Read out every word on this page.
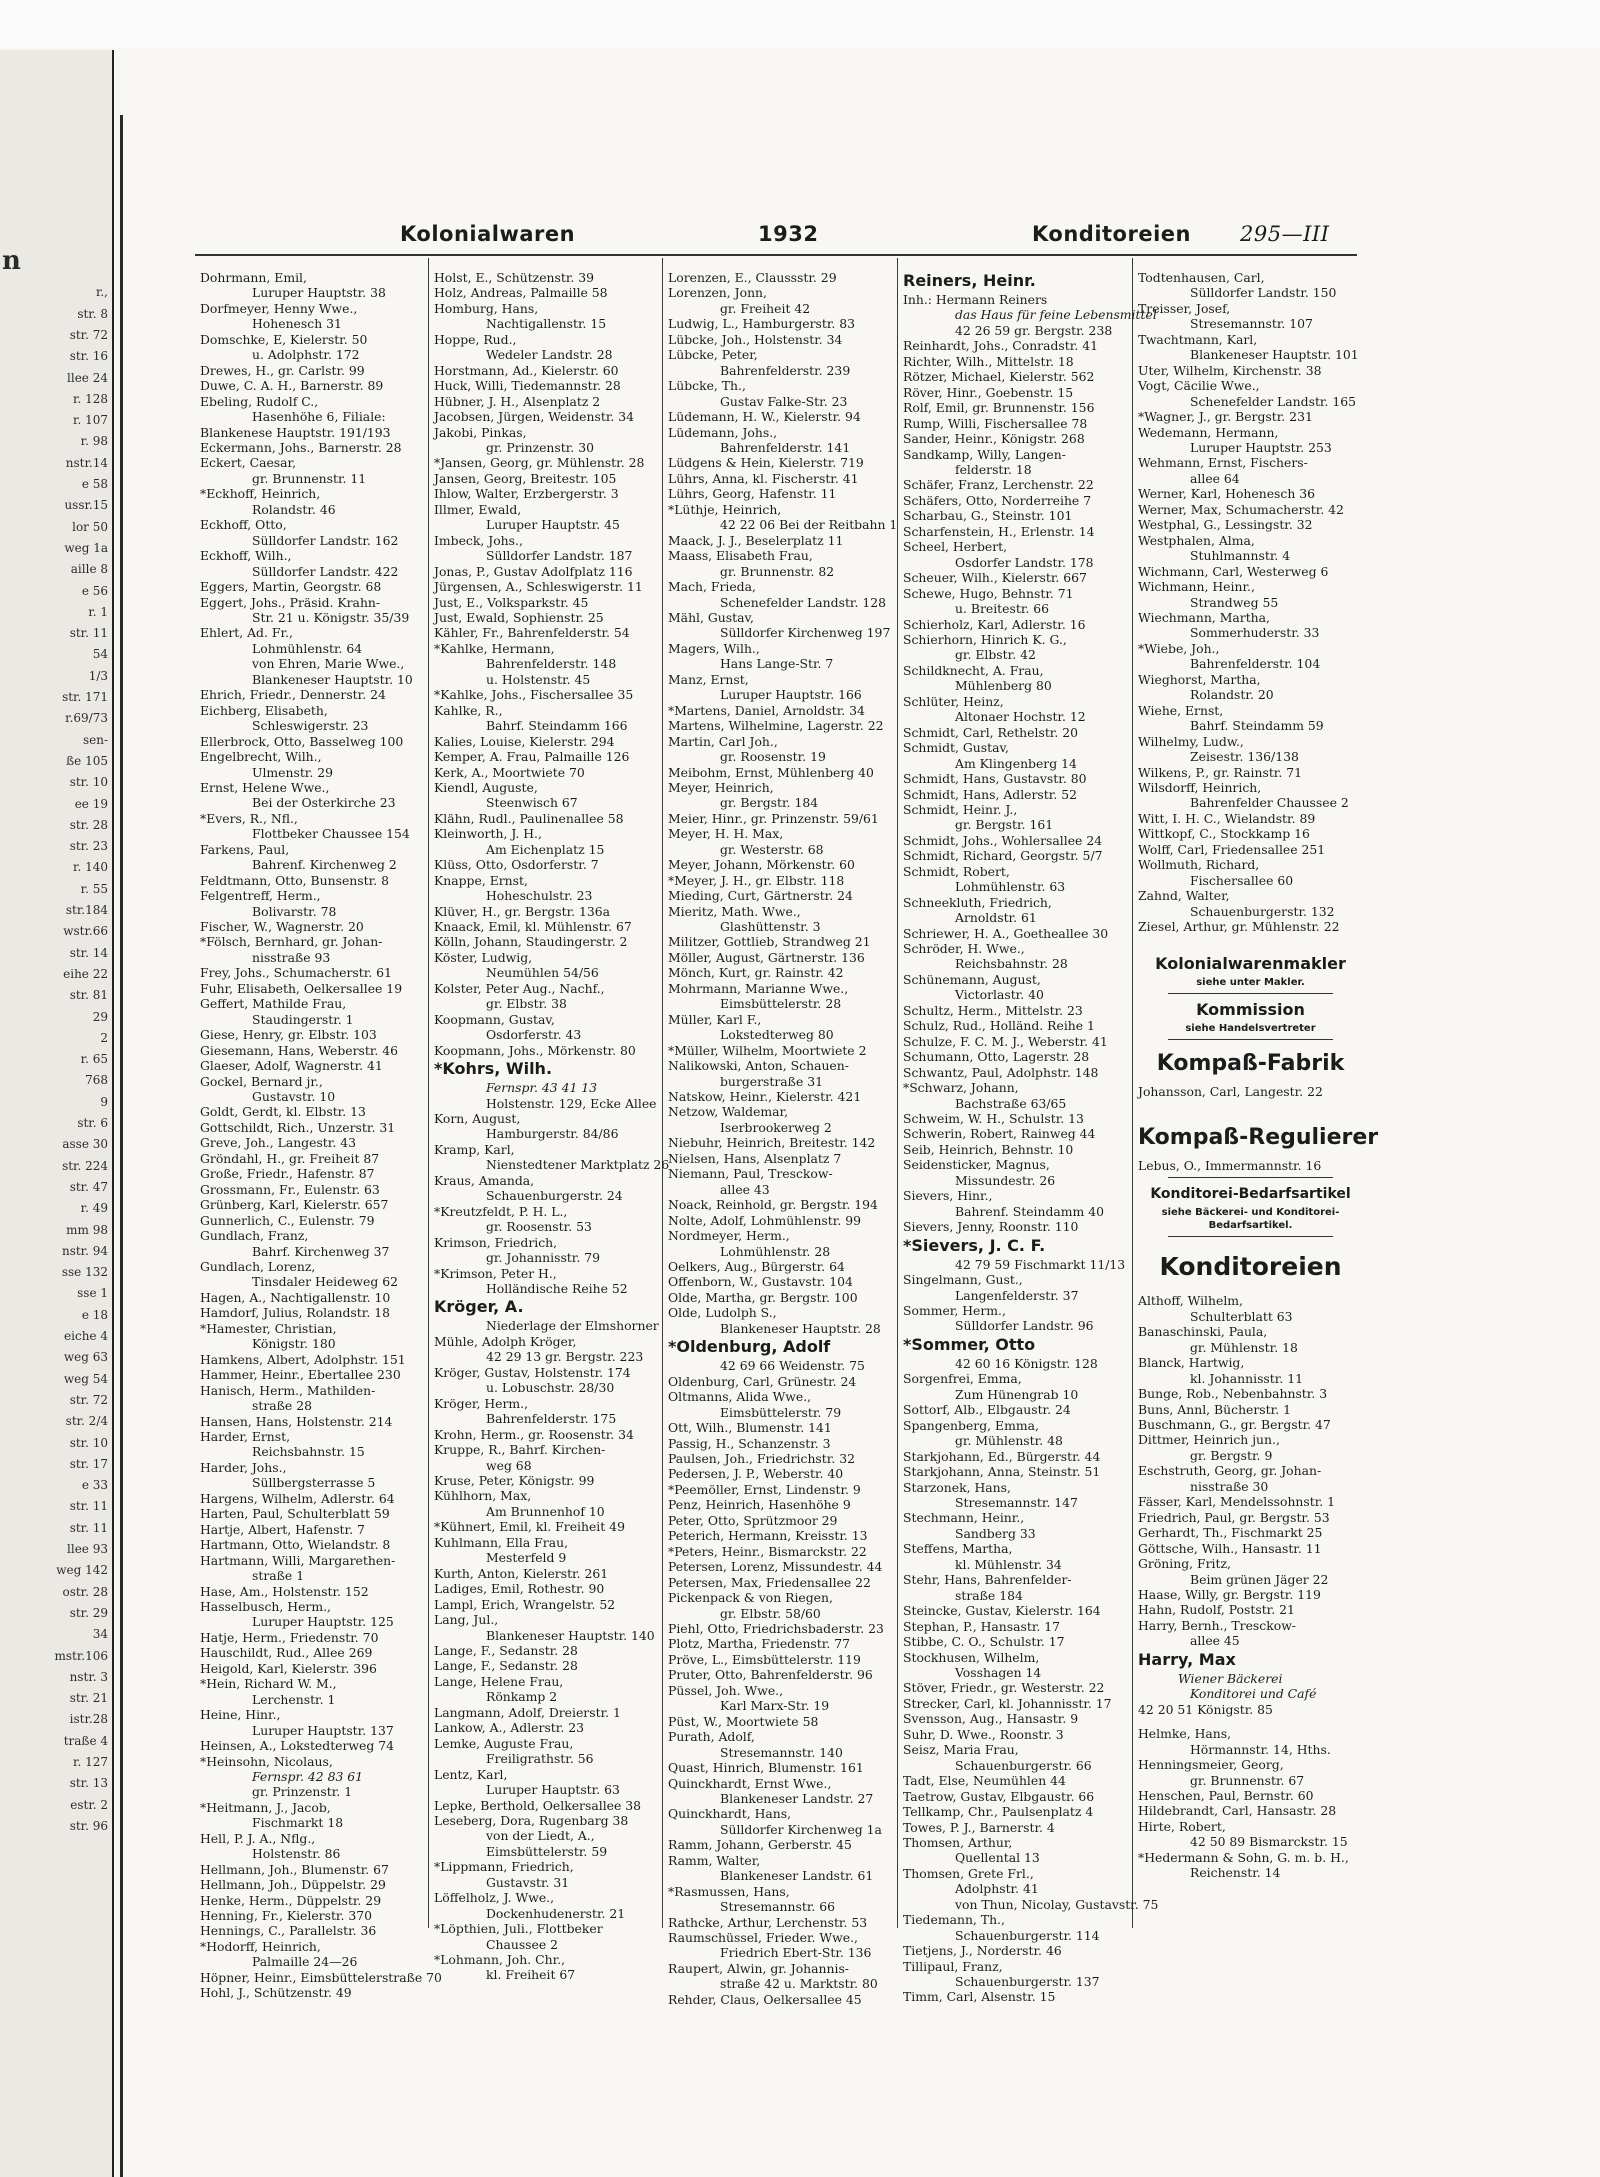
n
r.,
str. 8
str. 72
str. 16
llee 24
r. 128
r. 107
r. 98
nstr.14
e 58
ussr.15
lor 50
weg 1a
aille 8
e 56
r. 1
str. 11
54
1/3
str. 171
r.69/73
sen-
ße 105
str. 10
ee 19
str. 28
str. 23
r. 140
r. 55
str.184
wstr.66
str. 14
eihe 22
str. 81
29
2
r. 65
768
9
str. 6
asse 30
str. 224
str. 47
r. 49
mm 98
nstr. 94
sse 132
sse 1
e 18
eiche 4
weg 63
weg 54
str. 72
str. 2/4
str. 10
str. 17
e 33
str. 11
str. 11
llee 93
weg 142
ostr. 28
str. 29
34
mstr.106
nstr. 3
str. 21
istr.28
traße 4
r. 127
str. 13
estr. 2
str. 96
Kolonialwaren	1932	Konditoreien 295—III
Dohrmann, Emil,
Luruper Hauptstr. 38
Dorfmeyer, Henny Wwe.,
Hohenesch 31
Domschke, E, Kielerstr. 50
u. Adolphstr. 172
Drewes, H., gr. Carlstr. 99
Duwe, C. A. H., Barnerstr. 89
Ebeling, Rudolf C.,
Hasenhöhe 6, Filiale:
Blankenese Hauptstr. 191/193
Eckermann, Johs., Barnerstr. 28
Eckert, Caesar,
gr. Brunnenstr. 11
*Eckhoff, Heinrich,
Rolandstr. 46
Eckhoff, Otto,
Sülldorfer Landstr. 162
Eckhoff, Wilh.,
Sülldorfer Landstr. 422
Eggers, Martin, Georgstr. 68
Eggert, Johs., Präsid. Krahn-
Str. 21 u. Königstr. 35/39
Ehlert, Ad. Fr.,
Lohmühlenstr. 64
von Ehren, Marie Wwe.,
Blankeneser Hauptstr. 10
Ehrich, Friedr., Dennerstr. 24
Eichberg, Elisabeth,
Schleswigerstr. 23
Ellerbrock, Otto, Basselweg 100
Engelbrecht, Wilh.,
Ulmenstr. 29
Ernst, Helene Wwe.,
Bei der Osterkirche 23
*Evers, R., Nfl.,
Flottbeker Chaussee 154
Farkens, Paul,
Bahrenf. Kirchenweg 2
Feldtmann, Otto, Bunsenstr. 8
Felgentreff, Herm.,
Bolivarstr. 78
Fischer, W., Wagnerstr. 20
*Fölsch, Bernhard, gr. Johan-
nisstraße 93
Frey, Johs., Schumacherstr. 61
Fuhr, Elisabeth, Oelkersallee 19
Geffert, Mathilde Frau,
Staudingerstr. 1
Giese, Henry, gr. Elbstr. 103
Giesemann, Hans, Weberstr. 46
Glaeser, Adolf, Wagnerstr. 41
Gockel, Bernard jr.,
Gustavstr. 10
Goldt, Gerdt, kl. Elbstr. 13
Gottschildt, Rich., Unzerstr. 31
Greve, Joh., Langestr. 43
Gröndahl, H., gr. Freiheit 87
Große, Friedr., Hafenstr. 87
Grossmann, Fr., Eulenstr. 63
Grünberg, Karl, Kielerstr. 657
Gunnerlich, C., Eulenstr. 79
Gundlach, Franz,
Bahrf. Kirchenweg 37
Gundlach, Lorenz,
Tinsdaler Heideweg 62
Hagen, A., Nachtigallenstr. 10
Hamdorf, Julius, Rolandstr. 18
*Hamester, Christian,
Königstr. 180
Hamkens, Albert, Adolphstr. 151
Hammer, Heinr., Ebertallee 230
Hanisch, Herm., Mathilden-
straße 28
Hansen, Hans, Holstenstr. 214
Harder, Ernst,
Reichsbahnstr. 15
Harder, Johs.,
Süllbergsterrasse 5
Hargens, Wilhelm, Adlerstr. 64
Harten, Paul, Schulterblatt 59
Hartje, Albert, Hafenstr. 7
Hartmann, Otto, Wielandstr. 8
Hartmann, Willi, Margarethen-
straße 1
Hase, Am., Holstenstr. 152
Hasselbusch, Herm.,
Luruper Hauptstr. 125
Hatje, Herm., Friedenstr. 70
Hauschildt, Rud., Allee 269
Heigold, Karl, Kielerstr. 396
*Hein, Richard W. M.,
Lerchenstr. 1
Heine, Hinr.,
Luruper Hauptstr. 137
Heinsen, A., Lokstedterweg 74
*Heinsohn, Nicolaus,
Fernspr. 42 83 61
gr. Prinzenstr. 1
*Heitmann, J., Jacob,
Fischmarkt 18
Hell, P. J. A., Nflg.,
Holstenstr. 86
Hellmann, Joh., Blumenstr. 67
Hellmann, Joh., Düppelstr. 29
Henke, Herm., Düppelstr. 29
Henning, Fr., Kielerstr. 370
Hennings, C., Parallelstr. 36
*Hodorff, Heinrich,
Palmaille 24—26
Höpner, Heinr., Eimsbüttelerstraße 70
Hohl, J., Schützenstr. 49
Holst, E., Schützenstr. 39
Holz, Andreas, Palmaille 58
Homburg, Hans,
Nachtigallenstr. 15
Hoppe, Rud.,
Wedeler Landstr. 28
Horstmann, Ad., Kielerstr. 60
Huck, Willi, Tiedemannstr. 28
Hübner, J. H., Alsenplatz 2
Jacobsen, Jürgen, Weidenstr. 34
Jakobi, Pinkas,
gr. Prinzenstr. 30
*Jansen, Georg, gr. Mühlenstr. 28
Jansen, Georg, Breitestr. 105
Ihlow, Walter, Erzbergerstr. 3
Illmer, Ewald,
Luruper Hauptstr. 45
Imbeck, Johs.,
Sülldorfer Landstr. 187
Jonas, P., Gustav Adolfplatz 116
Jürgensen, A., Schleswigerstr. 11
Just, E., Volksparkstr. 45
Just, Ewald, Sophienstr. 25
Kähler, Fr., Bahrenfelderstr. 54
*Kahlke, Hermann,
Bahrenfelderstr. 148
u. Holstenstr. 45
*Kahlke, Johs., Fischersallee 35
Kahlke, R.,
Bahrf. Steindamm 166
Kalies, Louise, Kielerstr. 294
Kemper, A. Frau, Palmaille 126
Kerk, A., Moortwiete 70
Kiendl, Auguste,
Steenwisch 67
Klähn, Rudl., Paulinenallee 58
Kleinworth, J. H.,
Am Eichenplatz 15
Klüss, Otto, Osdorferstr. 7
Knappe, Ernst,
Hoheschulstr. 23
Klüver, H., gr. Bergstr. 136a
Knaack, Emil, kl. Mühlenstr. 67
Kölln, Johann, Staudingerstr. 2
Köster, Ludwig,
Neumühlen 54/56
Kolster, Peter Aug., Nachf.,
gr. Elbstr. 38
Koopmann, Gustav,
Osdorferstr. 43
Koopmann, Johs., Mörkenstr. 80
*Kohrs, Wilh.
Fernspr. 43 41 13
Holstenstr. 129, Ecke Allee
Korn, August,
Hamburgerstr. 84/86
Kramp, Karl,
Nienstedtener Marktplatz 26
Kraus, Amanda,
Schauenburgerstr. 24
*Kreutzfeldt, P. H. L.,
gr. Roosenstr. 53
Krimson, Friedrich,
gr. Johannisstr. 79
*Krimson, Peter H.,
Holländische Reihe 52
Kröger, A.
Niederlage der Elmshorner
Mühle, Adolph Kröger,
42 29 13 gr. Bergstr. 223
Kröger, Gustav, Holstenstr. 174
u. Lobuschstr. 28/30
Kröger, Herm.,
Bahrenfelderstr. 175
Krohn, Herm., gr. Roosenstr. 34
Kruppe, R., Bahrf. Kirchen-
weg 68
Kruse, Peter, Königstr. 99
Kühlhorn, Max,
Am Brunnenhof 10
*Kühnert, Emil, kl. Freiheit 49
Kuhlmann, Ella Frau,
Mesterfeld 9
Kurth, Anton, Kielerstr. 261
Ladiges, Emil, Rothestr. 90
Lampl, Erich, Wrangelstr. 52
Lang, Jul.,
Blankeneser Hauptstr. 140
Lange, F., Sedanstr. 28
Lange, F., Sedanstr. 28
Lange, Helene Frau,
Rönkamp 2
Langmann, Adolf, Dreierstr. 1
Lankow, A., Adlerstr. 23
Lemke, Auguste Frau,
Freiligrathstr. 56
Lentz, Karl,
Luruper Hauptstr. 63
Lepke, Berthold, Oelkersallee 38
Leseberg, Dora, Rugenbarg 38
von der Liedt, A.,
Eimsbüttelerstr. 59
*Lippmann, Friedrich,
Gustavstr. 31
Löffelholz, J. Wwe.,
Dockenhudenerstr. 21
*Löpthien, Juli., Flottbeker
Chaussee 2
*Lohmann, Joh. Chr.,
kl. Freiheit 67
Lorenzen, E., Claussstr. 29
Lorenzen, Jonn,
gr. Freiheit 42
Ludwig, L., Hamburgerstr. 83
Lübcke, Joh., Holstenstr. 34
Lübcke, Peter,
Bahrenfelderstr. 239
Lübcke, Th.,
Gustav Falke-Str. 23
Lüdemann, H. W., Kielerstr. 94
Lüdemann, Johs.,
Bahrenfelderstr. 141
Lüdgens & Hein, Kielerstr. 719
Lührs, Anna, kl. Fischerstr. 41
Lührs, Georg, Hafenstr. 11
*Lüthje, Heinrich,
42 22 06 Bei der Reitbahn 1
Maack, J. J., Beselerplatz 11
Maass, Elisabeth Frau,
gr. Brunnenstr. 82
Mach, Frieda,
Schenefelder Landstr. 128
Mähl, Gustav,
Sülldorfer Kirchenweg 197
Magers, Wilh.,
Hans Lange-Str. 7
Manz, Ernst,
Luruper Hauptstr. 166
*Martens, Daniel, Arnoldstr. 34
Martens, Wilhelmine, Lagerstr. 22
Martin, Carl Joh.,
gr. Roosenstr. 19
Meibohm, Ernst, Mühlenberg 40
Meyer, Heinrich,
gr. Bergstr. 184
Meier, Hinr., gr. Prinzenstr. 59/61
Meyer, H. H. Max,
gr. Westerstr. 68
Meyer, Johann, Mörkenstr. 60
*Meyer, J. H., gr. Elbstr. 118
Mieding, Curt, Gärtnerstr. 24
Mieritz, Math. Wwe.,
Glashüttenstr. 3
Militzer, Gottlieb, Strandweg 21
Möller, August, Gärtnerstr. 136
Mönch, Kurt, gr. Rainstr. 42
Mohrmann, Marianne Wwe.,
Eimsbüttelerstr. 28
Müller, Karl F.,
Lokstedterweg 80
*Müller, Wilhelm, Moortwiete 2
Nalikowski, Anton, Schauen-
burgerstraße 31
Natskow, Heinr., Kielerstr. 421
Netzow, Waldemar,
Iserbrookerweg 2
Niebuhr, Heinrich, Breitestr. 142
Nielsen, Hans, Alsenplatz 7
Niemann, Paul, Tresckow-
allee 43
Noack, Reinhold, gr. Bergstr. 194
Nolte, Adolf, Lohmühlenstr. 99
Nordmeyer, Herm.,
Lohmühlenstr. 28
Oelkers, Aug., Bürgerstr. 64
Offenborn, W., Gustavstr. 104
Olde, Martha, gr. Bergstr. 100
Olde, Ludolph S.,
Blankeneser Hauptstr. 28
*Oldenburg, Adolf
42 69 66 Weidenstr. 75
Oldenburg, Carl, Grünestr. 24
Oltmanns, Alida Wwe.,
Eimsbüttelerstr. 79
Ott, Wilh., Blumenstr. 141
Passig, H., Schanzenstr. 3
Paulsen, Joh., Friedrichstr. 32
Pedersen, J. P., Weberstr. 40
*Peemöller, Ernst, Lindenstr. 9
Penz, Heinrich, Hasenhöhe 9
Peter, Otto, Sprützmoor 29
Peterich, Hermann, Kreisstr. 13
*Peters, Heinr., Bismarckstr. 22
Petersen, Lorenz, Missundestr. 44
Petersen, Max, Friedensallee 22
Pickenpack & von Riegen,
gr. Elbstr. 58/60
Piehl, Otto, Friedrichsbaderstr. 23
Plotz, Martha, Friedenstr. 77
Pröve, L., Eimsbüttelerstr. 119
Pruter, Otto, Bahrenfelderstr. 96
Püssel, Joh. Wwe.,
Karl Marx-Str. 19
Püst, W., Moortwiete 58
Purath, Adolf,
Stresemannstr. 140
Quast, Hinrich, Blumenstr. 161
Quinckhardt, Ernst Wwe.,
Blankeneser Landstr. 27
Quinckhardt, Hans,
Sülldorfer Kirchenweg 1a
Ramm, Johann, Gerberstr. 45
Ramm, Walter,
Blankeneser Landstr. 61
*Rasmussen, Hans,
Stresemannstr. 66
Rathcke, Arthur, Lerchenstr. 53
Raumschüssel, Frieder. Wwe.,
Friedrich Ebert-Str. 136
Raupert, Alwin, gr. Johannis-
straße 42 u. Marktstr. 80
Rehder, Claus, Oelkersallee 45
Reiners, Heinr.
Inh.: Hermann Reiners
das Haus für feine Lebensmittel
42 26 59 gr. Bergstr. 238
Reinhardt, Johs., Conradstr. 41
Richter, Wilh., Mittelstr. 18
Rötzer, Michael, Kielerstr. 562
Röver, Hinr., Goebenstr. 15
Rolf, Emil, gr. Brunnenstr. 156
Rump, Willi, Fischersallee 78
Sander, Heinr., Königstr. 268
Sandkamp, Willy, Langen-
felderstr. 18
Schäfer, Franz, Lerchenstr. 22
Schäfers, Otto, Norderreihe 7
Scharbau, G., Steinstr. 101
Scharfenstein, H., Erlenstr. 14
Scheel, Herbert,
Osdorfer Landstr. 178
Scheuer, Wilh., Kielerstr. 667
Schewe, Hugo, Behnstr. 71
u. Breitestr. 66
Schierholz, Karl, Adlerstr. 16
Schierhorn, Hinrich K. G.,
gr. Elbstr. 42
Schildknecht, A. Frau,
Mühlenberg 80
Schlüter, Heinz,
Altonaer Hochstr. 12
Schmidt, Carl, Rethelstr. 20
Schmidt, Gustav,
Am Klingenberg 14
Schmidt, Hans, Gustavstr. 80
Schmidt, Hans, Adlerstr. 52
Schmidt, Heinr. J.,
gr. Bergstr. 161
Schmidt, Johs., Wohlersallee 24
Schmidt, Richard, Georgstr. 5/7
Schmidt, Robert,
Lohmühlenstr. 63
Schneekluth, Friedrich,
Arnoldstr. 61
Schriewer, H. A., Goetheallee 30
Schröder, H. Wwe.,
Reichsbahnstr. 28
Schünemann, August,
Victorlastr. 40
Schultz, Herm., Mittelstr. 23
Schulz, Rud., Holländ. Reihe 1
Schulze, F. C. M. J., Weberstr. 41
Schumann, Otto, Lagerstr. 28
Schwantz, Paul, Adolphstr. 148
*Schwarz, Johann,
Bachstraße 63/65
Schweim, W. H., Schulstr. 13
Schwerin, Robert, Rainweg 44
Seib, Heinrich, Behnstr. 10
Seidensticker, Magnus,
Missundestr. 26
Sievers, Hinr.,
Bahrenf. Steindamm 40
Sievers, Jenny, Roonstr. 110
*Sievers, J. C. F.
42 79 59 Fischmarkt 11/13
Singelmann, Gust.,
Langenfelderstr. 37
Sommer, Herm.,
Sülldorfer Landstr. 96
*Sommer, Otto
42 60 16 Königstr. 128
Sorgenfrei, Emma,
Zum Hünengrab 10
Sottorf, Alb., Elbgaustr. 24
Spangenberg, Emma,
gr. Mühlenstr. 48
Starkjohann, Ed., Bürgerstr. 44
Starkjohann, Anna, Steinstr. 51
Starzonek, Hans,
Stresemannstr. 147
Stechmann, Heinr.,
Sandberg 33
Steffens, Martha,
kl. Mühlenstr. 34
Stehr, Hans, Bahrenfelder-
straße 184
Steincke, Gustav, Kielerstr. 164
Stephan, P., Hansastr. 17
Stibbe, C. O., Schulstr. 17
Stockhusen, Wilhelm,
Vosshagen 14
Stöver, Friedr., gr. Westerstr. 22
Strecker, Carl, kl. Johannisstr. 17
Svensson, Aug., Hansastr. 9
Suhr, D. Wwe., Roonstr. 3
Seisz, Maria Frau,
Schauenburgerstr. 66
Tadt, Else, Neumühlen 44
Taetrow, Gustav, Elbgaustr. 66
Tellkamp, Chr., Paulsenplatz 4
Towes, P. J., Barnerstr. 4
Thomsen, Arthur,
Quellental 13
Thomsen, Grete Frl.,
Adolphstr. 41
von Thun, Nicolay, Gustavstr. 75
Tiedemann, Th.,
Schauenburgerstr. 114
Tietjens, J., Norderstr. 46
Tillipaul, Franz,
Schauenburgerstr. 137
Timm, Carl, Alsenstr. 15
Todtenhausen, Carl,
Sülldorfer Landstr. 150
Treisser, Josef,
Stresemannstr. 107
Twachtmann, Karl,
Blankeneser Hauptstr. 101
Uter, Wilhelm, Kirchenstr. 38
Vogt, Cäcilie Wwe.,
Schenefelder Landstr. 165
*Wagner, J., gr. Bergstr. 231
Wedemann, Hermann,
Luruper Hauptstr. 253
Wehmann, Ernst, Fischers-
allee 64
Werner, Karl, Hohenesch 36
Werner, Max, Schumacherstr. 42
Westphal, G., Lessingstr. 32
Westphalen, Alma,
Stuhlmannstr. 4
Wichmann, Carl, Westerweg 6
Wichmann, Heinr.,
Strandweg 55
Wiechmann, Martha,
Sommerhuderstr. 33
*Wiebe, Joh.,
Bahrenfelderstr. 104
Wieghorst, Martha,
Rolandstr. 20
Wiehe, Ernst,
Bahrf. Steindamm 59
Wilhelmy, Ludw.,
Zeisestr. 136/138
Wilkens, P., gr. Rainstr. 71
Wilsdorff, Heinrich,
Bahrenfelder Chaussee 2
Witt, I. H. C., Wielandstr. 89
Wittkopf, C., Stockkamp 16
Wolff, Carl, Friedensallee 251
Wollmuth, Richard,
Fischersallee 60
Zahnd, Walter,
Schauenburgerstr. 132
Ziesel, Arthur, gr. Mühlenstr. 22
Kolonialwarenmakler
siehe unter Makler.
Kommission
siehe Handelsvertreter
Kompaß-Fabrik
Johansson, Carl, Langestr. 22
Kompaß-Regulierer
Lebus, O., Immermannstr. 16
Konditorei-Bedarfsartikel
siehe Bäckerei- und Konditorei-
Bedarfsartikel.
Konditoreien
Althoff, Wilhelm,
Schulterblatt 63
Banaschinski, Paula,
gr. Mühlenstr. 18
Blanck, Hartwig,
kl. Johannisstr. 11
Bunge, Rob., Nebenbahnstr. 3
Buns, Annl, Bücherstr. 1
Buschmann, G., gr. Bergstr. 47
Dittmer, Heinrich jun.,
gr. Bergstr. 9
Eschstruth, Georg, gr. Johan-
nisstraße 30
Fässer, Karl, Mendelssohnstr. 1
Friedrich, Paul, gr. Bergstr. 53
Gerhardt, Th., Fischmarkt 25
Göttsche, Wilh., Hansastr. 11
Gröning, Fritz,
Beim grünen Jäger 22
Haase, Willy, gr. Bergstr. 119
Hahn, Rudolf, Poststr. 21
Harry, Bernh., Tresckow-
allee 45
Harry, Max
Wiener Bäckerei
Konditorei und Café
42 20 51 Königstr. 85
Helmke, Hans,
Hörmannstr. 14, Hths.
Henningsmeier, Georg,
gr. Brunnenstr. 67
Henschen, Paul, Bernstr. 60
Hildebrandt, Carl, Hansastr. 28
Hirte, Robert,
42 50 89 Bismarckstr. 15
*Hedermann & Sohn, G. m. b. H.,
Reichenstr. 14
